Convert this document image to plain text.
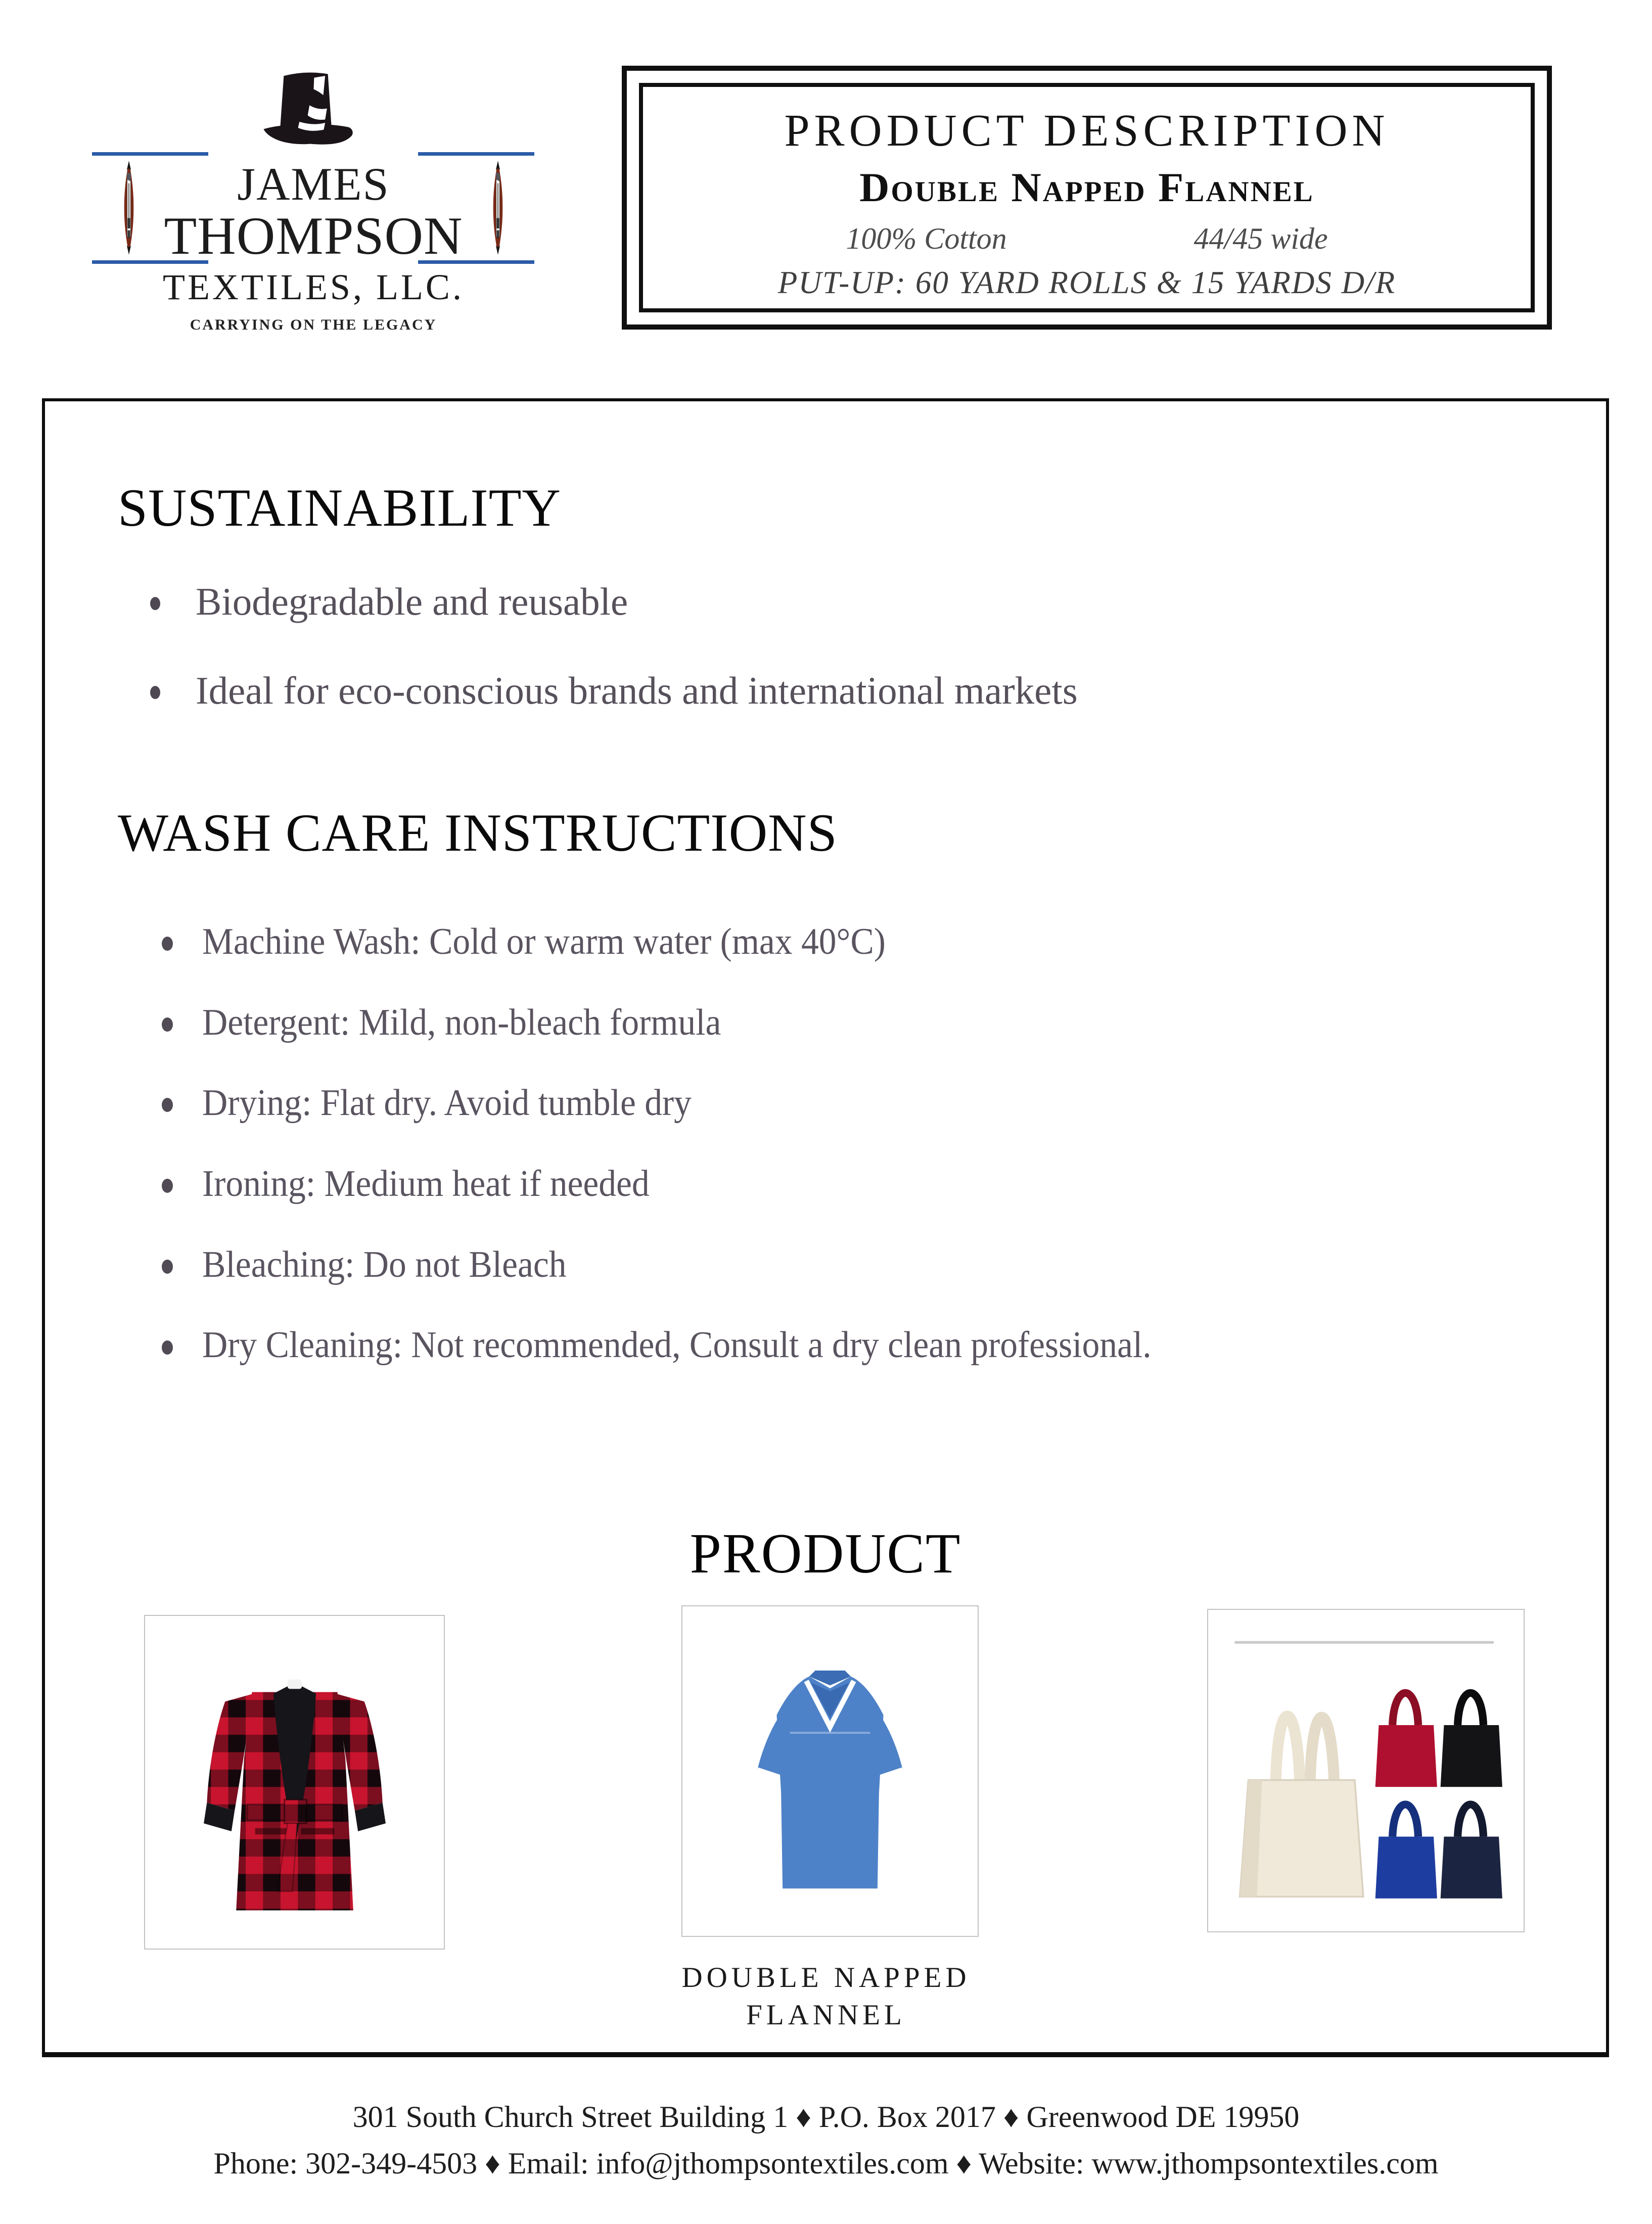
JAMES
THOMPSON
TEXTILES, LLC.
CARRYING ON THE LEGACY
PRODUCT DESCRIPTION
Double Napped Flannel
100% Cotton	44/45 wide
PUT-UP: 60 YARD ROLLS & 15 YARDS D/R
SUSTAINABILITY
Biodegradable and reusable
Ideal for eco-conscious brands and international markets
WASH CARE INSTRUCTIONS
Machine Wash: Cold or warm water (max 40°C)
Detergent: Mild, non-bleach formula
Drying: Flat dry. Avoid tumble dry
Ironing: Medium heat if needed
Bleaching: Do not Bleach
Dry Cleaning: Not recommended, Consult a dry clean professional.
PRODUCT
DOUBLE NAPPED
FLANNEL
301 South Church Street Building 1 ♦ P.O. Box 2017 ♦ Greenwood DE 19950
Phone: 302-349-4503 ♦ Email: info@jthompsontextiles.com ♦ Website: www.jthompsontextiles.com
